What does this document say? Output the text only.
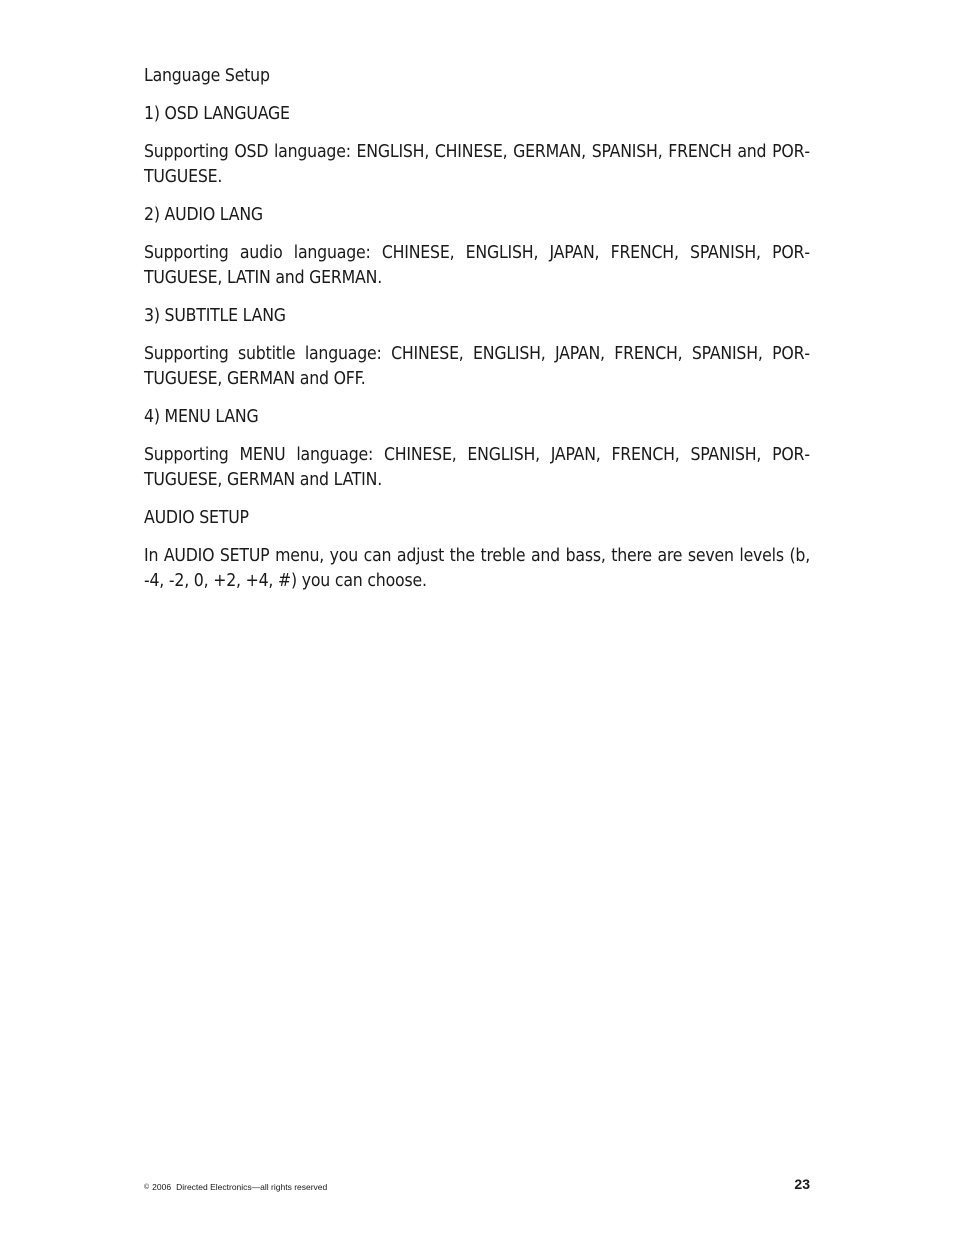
Language Setup

1) OSD LANGUAGE

Supporting OSD language: ENGLISH, CHINESE, GERMAN, SPANISH, FRENCH and PORTUGUESE.

2) AUDIO LANG

Supporting audio language: CHINESE, ENGLISH, JAPAN, FRENCH, SPANISH, PORTUGUESE, LATIN and GERMAN.

3) SUBTITLE LANG

Supporting subtitle language: CHINESE, ENGLISH, JAPAN, FRENCH, SPANISH, PORTUGUESE, GERMAN and OFF.

4) MENU LANG

Supporting MENU language: CHINESE, ENGLISH, JAPAN, FRENCH, SPANISH, PORTUGUESE, GERMAN and LATIN.

AUDIO SETUP

In AUDIO SETUP menu, you can adjust the treble and bass, there are seven levels (b, -4, -2, 0, +2, +4, #) you can choose.

© 2006 Directed Electronics—all rights reserved	23
